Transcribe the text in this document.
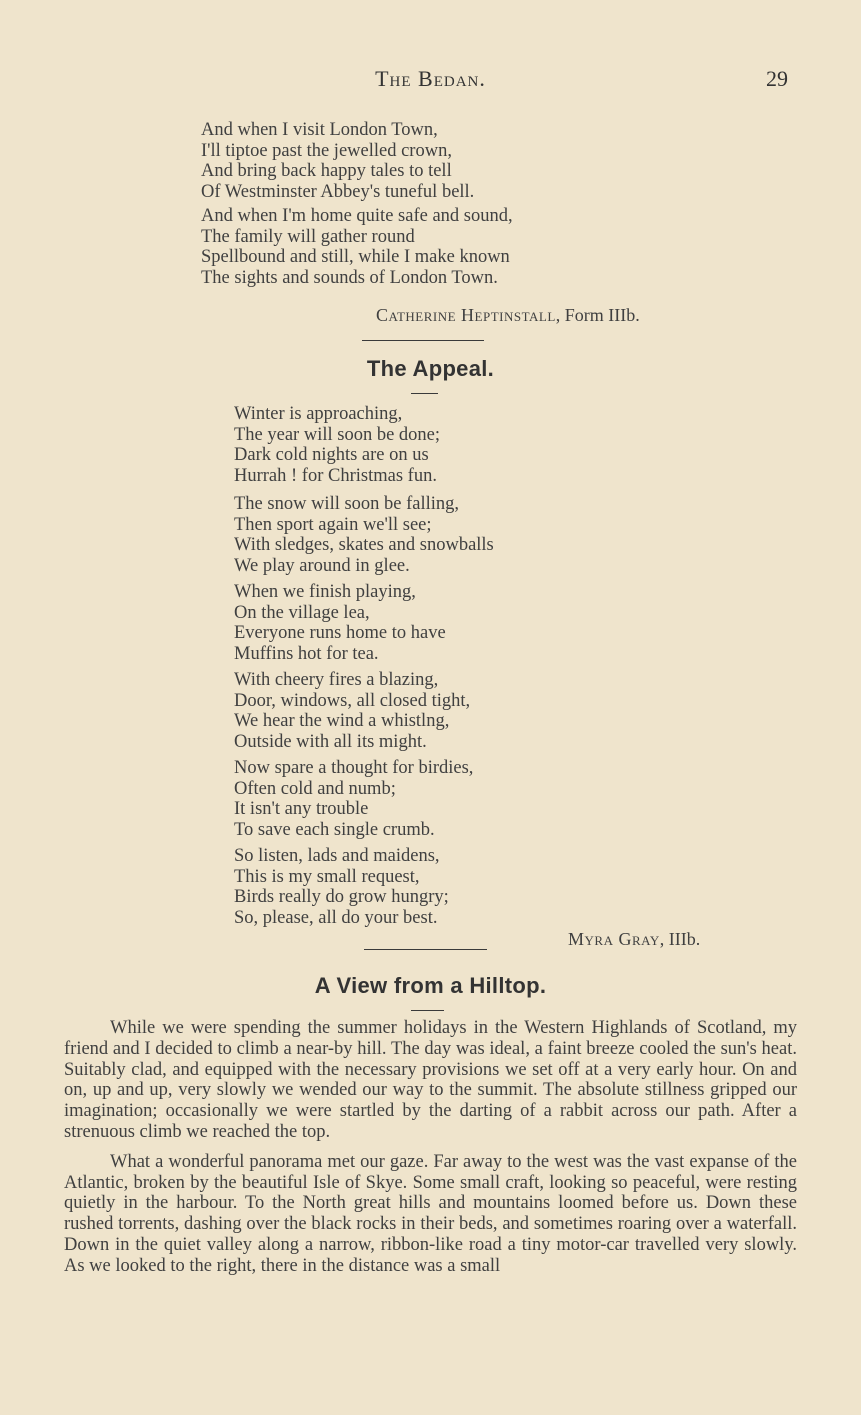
The Bedan.	29
And when I visit London Town,
I'll tiptoe past the jewelled crown,
And bring back happy tales to tell
Of Westminster Abbey's tuneful bell.
And when I'm home quite safe and sound,
The family will gather round
Spellbound and still, while I make known
The sights and sounds of London Town.
Catherine Heptinstall, Form IIIb.
The Appeal.
Winter is approaching,
The year will soon be done;
Dark cold nights are on us
Hurrah ! for Christmas fun.
The snow will soon be falling,
Then sport again we'll see;
With sledges, skates and snowballs
We play around in glee.
When we finish playing,
On the village lea,
Everyone runs home to have
Muffins hot for tea.
With cheery fires a blazing,
Door, windows, all closed tight,
We hear the wind a whistlng,
Outside with all its might.
Now spare a thought for birdies,
Often cold and numb;
It isn't any trouble
To save each single crumb.
So listen, lads and maidens,
This is my small request,
Birds really do grow hungry;
So, please, all do your best.
Myra Gray, IIIb.
A View from a Hilltop.

While we were spending the summer holidays in the Western Highlands of Scotland, my friend and I decided to climb a near-by hill. The day was ideal, a faint breeze cooled the sun's heat. Suitably clad, and equipped with the necessary provisions we set off at a very early hour. On and on, up and up, very slowly we wended our way to the summit. The absolute stillness gripped our imagination; occasionally we were startled by the darting of a rabbit across our path. After a strenuous climb we reached the top.

What a wonderful panorama met our gaze. Far away to the west was the vast expanse of the Atlantic, broken by the beautiful Isle of Skye. Some small craft, looking so peaceful, were resting quietly in the harbour. To the North great hills and mountains loomed before us. Down these rushed torrents, dashing over the black rocks in their beds, and sometimes roaring over a waterfall. Down in the quiet valley along a narrow, ribbon-like road a tiny motor-car travelled very slowly. As we looked to the right, there in the distance was a small
